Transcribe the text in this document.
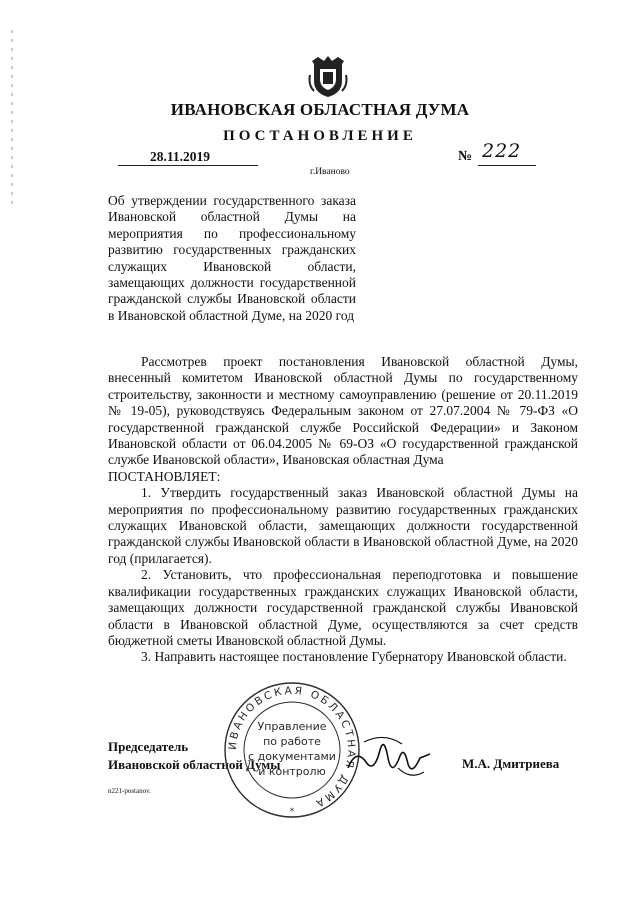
ИВАНОВСКАЯ ОБЛАСТНАЯ ДУМА
ПОСТАНОВЛЕНИЕ
28.11.2019
г.Иваново
№ 222
Об утверждении государственного заказа Ивановской областной Думы на мероприятия по профессиональному развитию государственных гражданских служащих Ивановской области, замещающих должности государственной гражданской службы Ивановской области в Ивановской областной Думе, на 2020 год

Рассмотрев проект постановления Ивановской областной Думы, внесенный комитетом Ивановской областной Думы по государственному строительству, законности и местному самоуправлению (решение от 20.11.2019 № 19-05), руководствуясь Федеральным законом от 27.07.2004 № 79-ФЗ «О государственной гражданской службе Российской Федерации» и Законом Ивановской области от 06.04.2005 № 69-ОЗ «О государственной гражданской службе Ивановской области», Ивановская областная Дума

ПОСТАНОВЛЯЕТ:

1. Утвердить государственный заказ Ивановской областной Думы на мероприятия по профессиональному развитию государственных гражданских служащих Ивановской области, замещающих должности государственной гражданской службы Ивановской области в Ивановской областной Думе, на 2020 год (прилагается).

2. Установить, что профессиональная переподготовка и повышение квалификации государственных гражданских служащих Ивановской области, замещающих должности государственной гражданской службы Ивановской области в Ивановской областной Думе, осуществляются за счет средств бюджетной сметы Ивановской областной Думы.

3. Направить настоящее постановление Губернатору Ивановской области.

Председатель
Ивановской областной Думы	М.А. Дмитриева
n221-postanov.
ИВАНОВСКАЯ ОБЛАСТНАЯ ДУМА
*
Управление
по работе
с документами
и контролю
